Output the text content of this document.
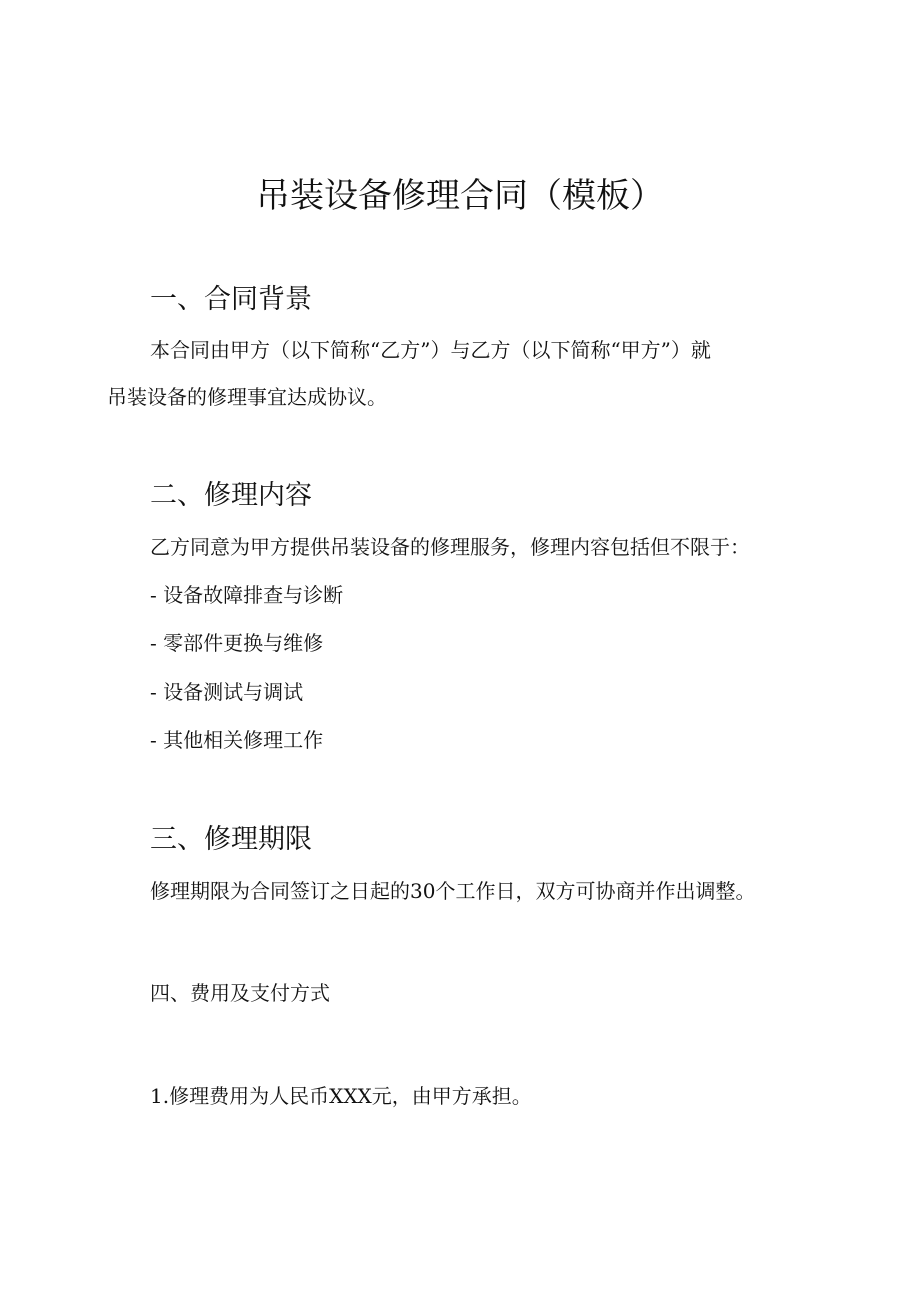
吊装设备修理合同（模板）
一、合同背景
本合同由甲方（以下简称“乙方”）与乙方（以下简称“甲方”）就
吊装设备的修理事宜达成协议。
二、修理内容
乙方同意为甲方提供吊装设备的修理服务，修理内容包括但不限于：
- 设备故障排查与诊断
- 零部件更换与维修
- 设备测试与调试
- 其他相关修理工作
三、修理期限
修理期限为合同签订之日起的30个工作日，双方可协商并作出调整。
四、费用及支付方式
1.修理费用为人民币XXX元，由甲方承担。
